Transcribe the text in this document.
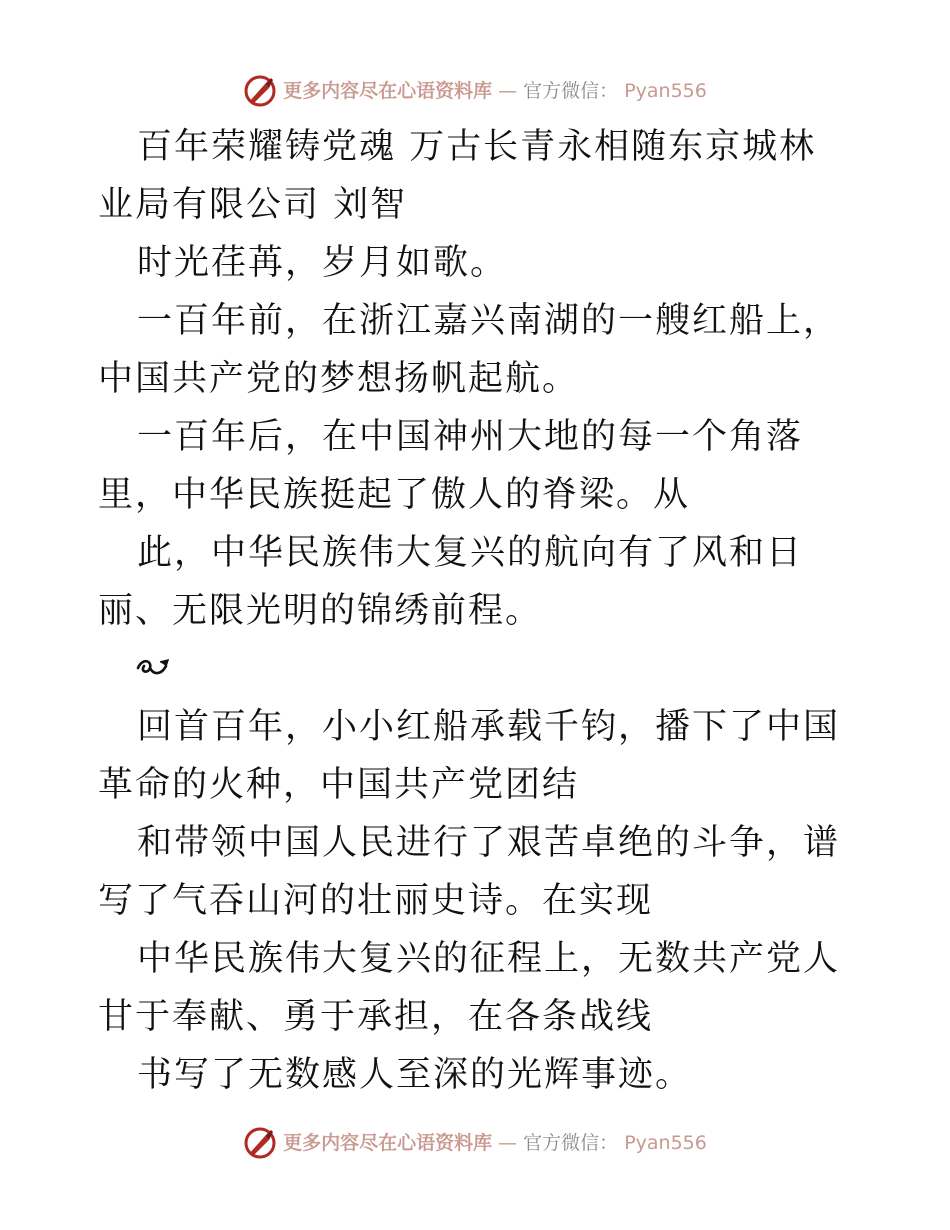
更多内容尽在心语资料库 — 官方微信： Pyan556

百年荣耀铸党魂 万古长青永相随东京城林业局有限公司 刘智

时光荏苒，岁月如歌。

一百年前，在浙江嘉兴南湖的一艘红船上，中国共产党的梦想扬帆起航。

一百年后，在中国神州大地的每一个角落里，中华民族挺起了傲人的脊梁。从

此，中华民族伟大复兴的航向有了风和日丽、无限光明的锦绣前程。

回首百年，小小红船承载千钧，播下了中国革命的火种，中国共产党团结

和带领中国人民进行了艰苦卓绝的斗争，谱写了气吞山河的壮丽史诗。在实现

中华民族伟大复兴的征程上，无数共产党人甘于奉献、勇于承担，在各条战线

书写了无数感人至深的光辉事迹。

更多内容尽在心语资料库 — 官方微信： Pyan556
